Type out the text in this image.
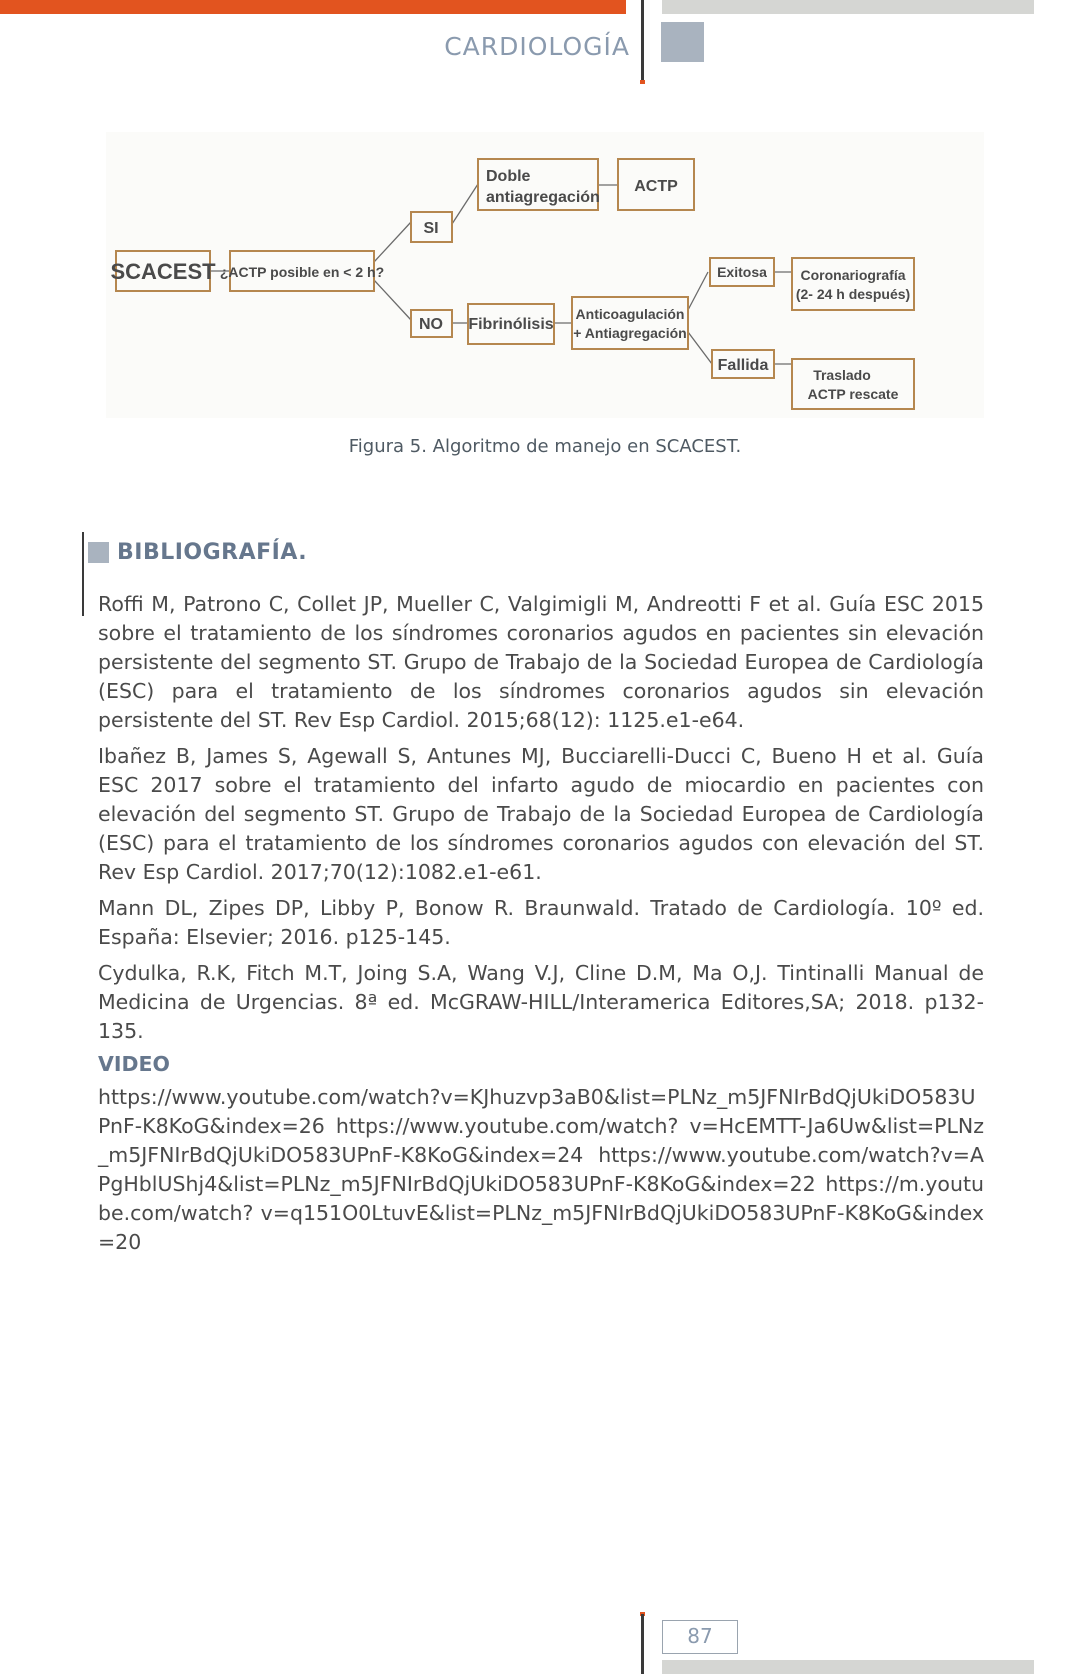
CARDIOLOGÍA
SCACEST ¿ACTP posible en < 2 h?
SI
NO
Doble
antiagregación
ACTP
Fibrinólisis
Anticoagulación
+ Antiagregación
Exitosa
Fallida
Coronariografía
(2- 24 h después)
Traslado
ACTP rescate
Figura 5. Algoritmo de manejo en SCACEST.
BIBLIOGRAFÍA.

Roffi M, Patrono C, Collet JP, Mueller C, Valgimigli M, Andreotti F et al. Guía ESC 2015 sobre el tratamiento de los síndromes coronarios agudos en pacientes sin elevación persistente del segmento ST. Grupo de Trabajo de la Sociedad Europea de Cardiología (ESC) para el tratamiento de los síndromes coronarios agudos sin elevación persistente del ST. Rev Esp Cardiol. 2015;68(12): 1125.e1-e64.

Ibañez B, James S, Agewall S, Antunes MJ, Bucciarelli-Ducci C, Bueno H et al. Guía ESC 2017 sobre el tratamiento del infarto agudo de miocardio en pacientes con elevación del segmento ST. Grupo de Trabajo de la Sociedad Europea de Cardiología (ESC) para el tratamiento de los síndromes coronarios agudos con elevación del ST. Rev Esp Cardiol. 2017;70(12):1082.e1-e61.

Mann DL, Zipes DP, Libby P, Bonow R. Braunwald. Tratado de Cardiología. 10º ed. España: Elsevier; 2016. p125-145.

Cydulka, R.K, Fitch M.T, Joing S.A, Wang V.J, Cline D.M, Ma O,J. Tintinalli Manual de Medicina de Urgencias. 8ª ed. McGRAW-HILL/Interamerica Editores,SA; 2018. p132-135.

VIDEO

https://www.youtube.com/watch?v=KJhuzvp3aB0&list=PLNz_m5JFNIrBdQjUkiDO583UPnF-K8KoG&index=26 https://www.youtube.com/watch? v=HcEMTT-Ja6Uw&list=PLNz_m5JFNIrBdQjUkiDO583UPnF-K8KoG&index=24 https://www.youtube.com/watch?v=APgHblUShj4&list=PLNz_m5JFNIrBdQjUkiDO583UPnF-K8KoG&index=22 https://m.youtube.com/watch? v=q151O0LtuvE&list=PLNz_m5JFNIrBdQjUkiDO583UPnF-K8KoG&index=20

87
